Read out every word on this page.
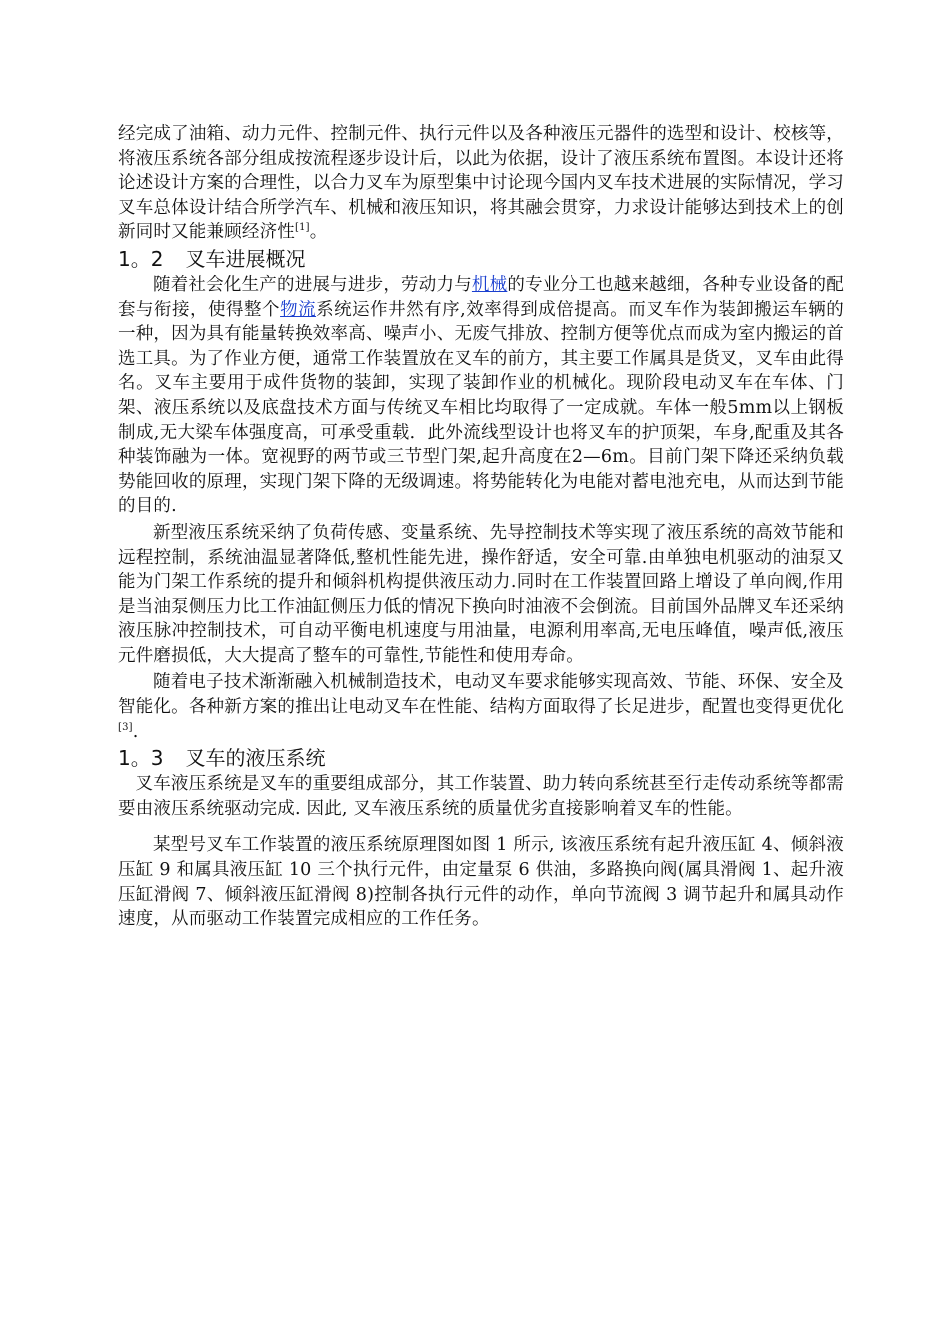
经完成了油箱、动力元件、控制元件、执行元件以及各种液压元器件的选型和设计、校核等，将液压系统各部分组成按流程逐步设计后，以此为依据，设计了液压系统布置图。本设计还将论述设计方案的合理性，以合力叉车为原型集中讨论现今国内叉车技术进展的实际情况，学习叉车总体设计结合所学汽车、机械和液压知识，将其融会贯穿，力求设计能够达到技术上的创新同时又能兼顾经济性[1]。

1。2 叉车进展概况

随着社会化生产的进展与进步，劳动力与机械的专业分工也越来越细，各种专业设备的配套与衔接，使得整个物流系统运作井然有序,效率得到成倍提高。而叉车作为装卸搬运车辆的一种，因为具有能量转换效率高、噪声小、无废气排放、控制方便等优点而成为室内搬运的首选工具。为了作业方便，通常工作装置放在叉车的前方，其主要工作属具是货叉，叉车由此得名。叉车主要用于成件货物的装卸，实现了装卸作业的机械化。现阶段电动叉车在车体、门架、液压系统以及底盘技术方面与传统叉车相比均取得了一定成就。车体一般5mm以上钢板制成,无大梁车体强度高，可承受重载．此外流线型设计也将叉车的护顶架，车身,配重及其各种装饰融为一体。宽视野的两节或三节型门架,起升高度在2—6m。目前门架下降还采纳负载势能回收的原理，实现门架下降的无级调速。将势能转化为电能对蓄电池充电，从而达到节能的目的.

新型液压系统采纳了负荷传感、变量系统、先导控制技术等实现了液压系统的高效节能和远程控制，系统油温显著降低,整机性能先进，操作舒适，安全可靠.由单独电机驱动的油泵又能为门架工作系统的提升和倾斜机构提供液压动力.同时在工作装置回路上增设了单向阀,作用是当油泵侧压力比工作油缸侧压力低的情况下换向时油液不会倒流。目前国外品牌叉车还采纳液压脉冲控制技术，可自动平衡电机速度与用油量，电源利用率高,无电压峰值，噪声低,液压元件磨损低，大大提高了整车的可靠性,节能性和使用寿命。

随着电子技术渐渐融入机械制造技术，电动叉车要求能够实现高效、节能、环保、安全及智能化。各种新方案的推出让电动叉车在性能、结构方面取得了长足进步，配置也变得更优化[3].

1。3 叉车的液压系统

叉车液压系统是叉车的重要组成部分，其工作装置、助力转向系统甚至行走传动系统等都需要由液压系统驱动完成. 因此, 叉车液压系统的质量优劣直接影响着叉车的性能。

某型号叉车工作装置的液压系统原理图如图 1 所示, 该液压系统有起升液压缸 4、倾斜液压缸 9 和属具液压缸 10 三个执行元件，由定量泵 6 供油，多路换向阀(属具滑阀 1、起升液压缸滑阀 7、倾斜液压缸滑阀 8)控制各执行元件的动作，单向节流阀 3 调节起升和属具动作速度，从而驱动工作装置完成相应的工作任务。
